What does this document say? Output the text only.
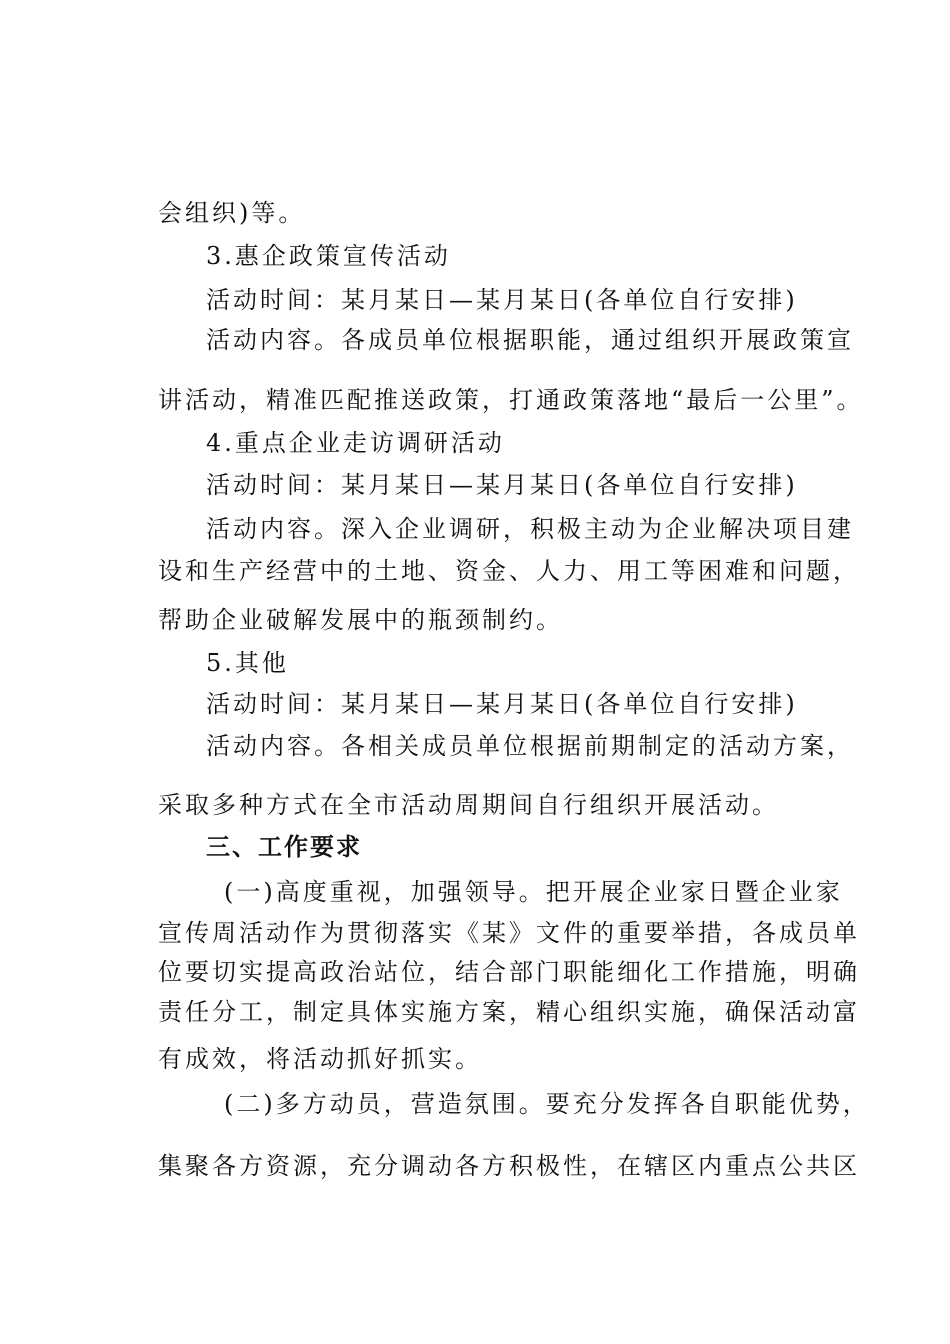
会组织)等。
3.惠企政策宣传活动
活动时间：某月某日—某月某日(各单位自行安排)
活动内容。各成员单位根据职能，通过组织开展政策宣
讲活动，精准匹配推送政策，打通政策落地“最后一公里”。
4.重点企业走访调研活动
活动时间：某月某日—某月某日(各单位自行安排)
活动内容。深入企业调研，积极主动为企业解决项目建
设和生产经营中的土地、资金、人力、用工等困难和问题，
帮助企业破解发展中的瓶颈制约。
5.其他
活动时间：某月某日—某月某日(各单位自行安排)
活动内容。各相关成员单位根据前期制定的活动方案，
采取多种方式在全市活动周期间自行组织开展活动。
三、工作要求
(一)高度重视，加强领导。把开展企业家日暨企业家
宣传周活动作为贯彻落实《某》文件的重要举措，各成员单
位要切实提高政治站位，结合部门职能细化工作措施，明确
责任分工，制定具体实施方案，精心组织实施，确保活动富
有成效，将活动抓好抓实。
(二)多方动员，营造氛围。要充分发挥各自职能优势，
集聚各方资源，充分调动各方积极性，在辖区内重点公共区
